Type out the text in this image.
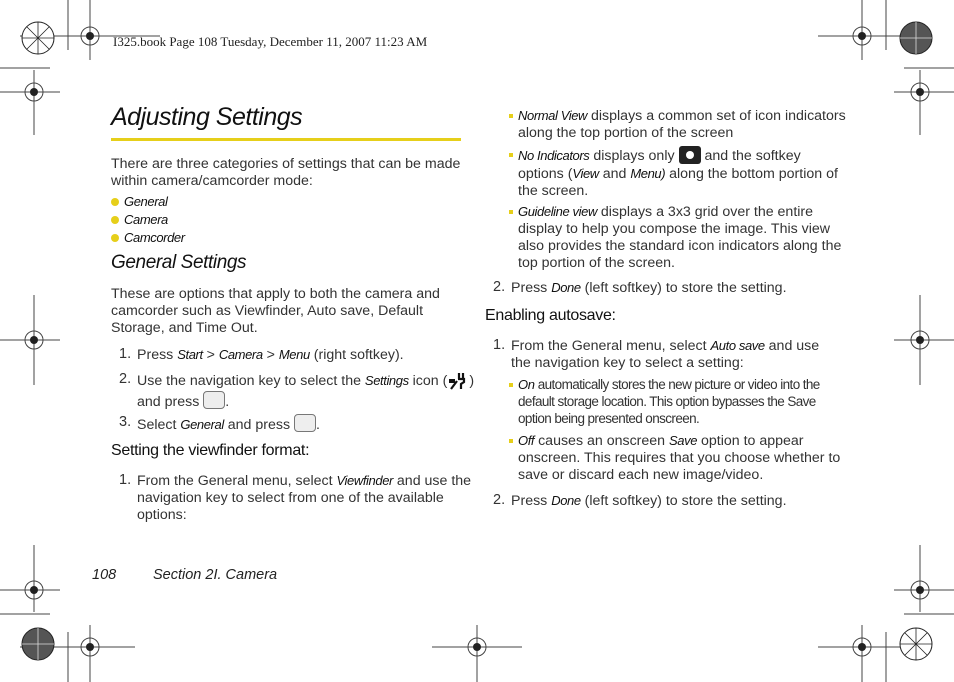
I325.book Page 108 Tuesday, December 11, 2007 11:23 AM
Adjusting Settings
There are three categories of settings that can be made within camera/camcorder mode:
General
Camera
Camcorder
General Settings
These are options that apply to both the camera and camcorder such as Viewfinder, Auto save, Default Storage, and Time Out.
1. Press Start > Camera > Menu (right softkey).
2. Use the navigation key to select the Settings icon ( ) and press .
3. Select General and press .
Setting the viewfinder format:
1. From the General menu, select Viewfinder and use the navigation key to select from one of the available options:
Normal View displays a common set of icon indicators along the top portion of the screen
No Indicators displays only  and the softkey options (View and Menu) along the bottom portion of the screen.
Guideline view displays a 3x3 grid over the entire display to help you compose the image. This view also provides the standard icon indicators along the top portion of the screen.
2. Press Done (left softkey) to store the setting.
Enabling autosave:
1. From the General menu, select Auto save and use the navigation key to select a setting:
On automatically stores the new picture or video into the default storage location. This option bypasses the Save option being presented onscreen.
Off causes an onscreen Save option to appear onscreen. This requires that you choose whether to save or discard each new image/video.
2. Press Done (left softkey) to store the setting.
108	Section 2I. Camera
